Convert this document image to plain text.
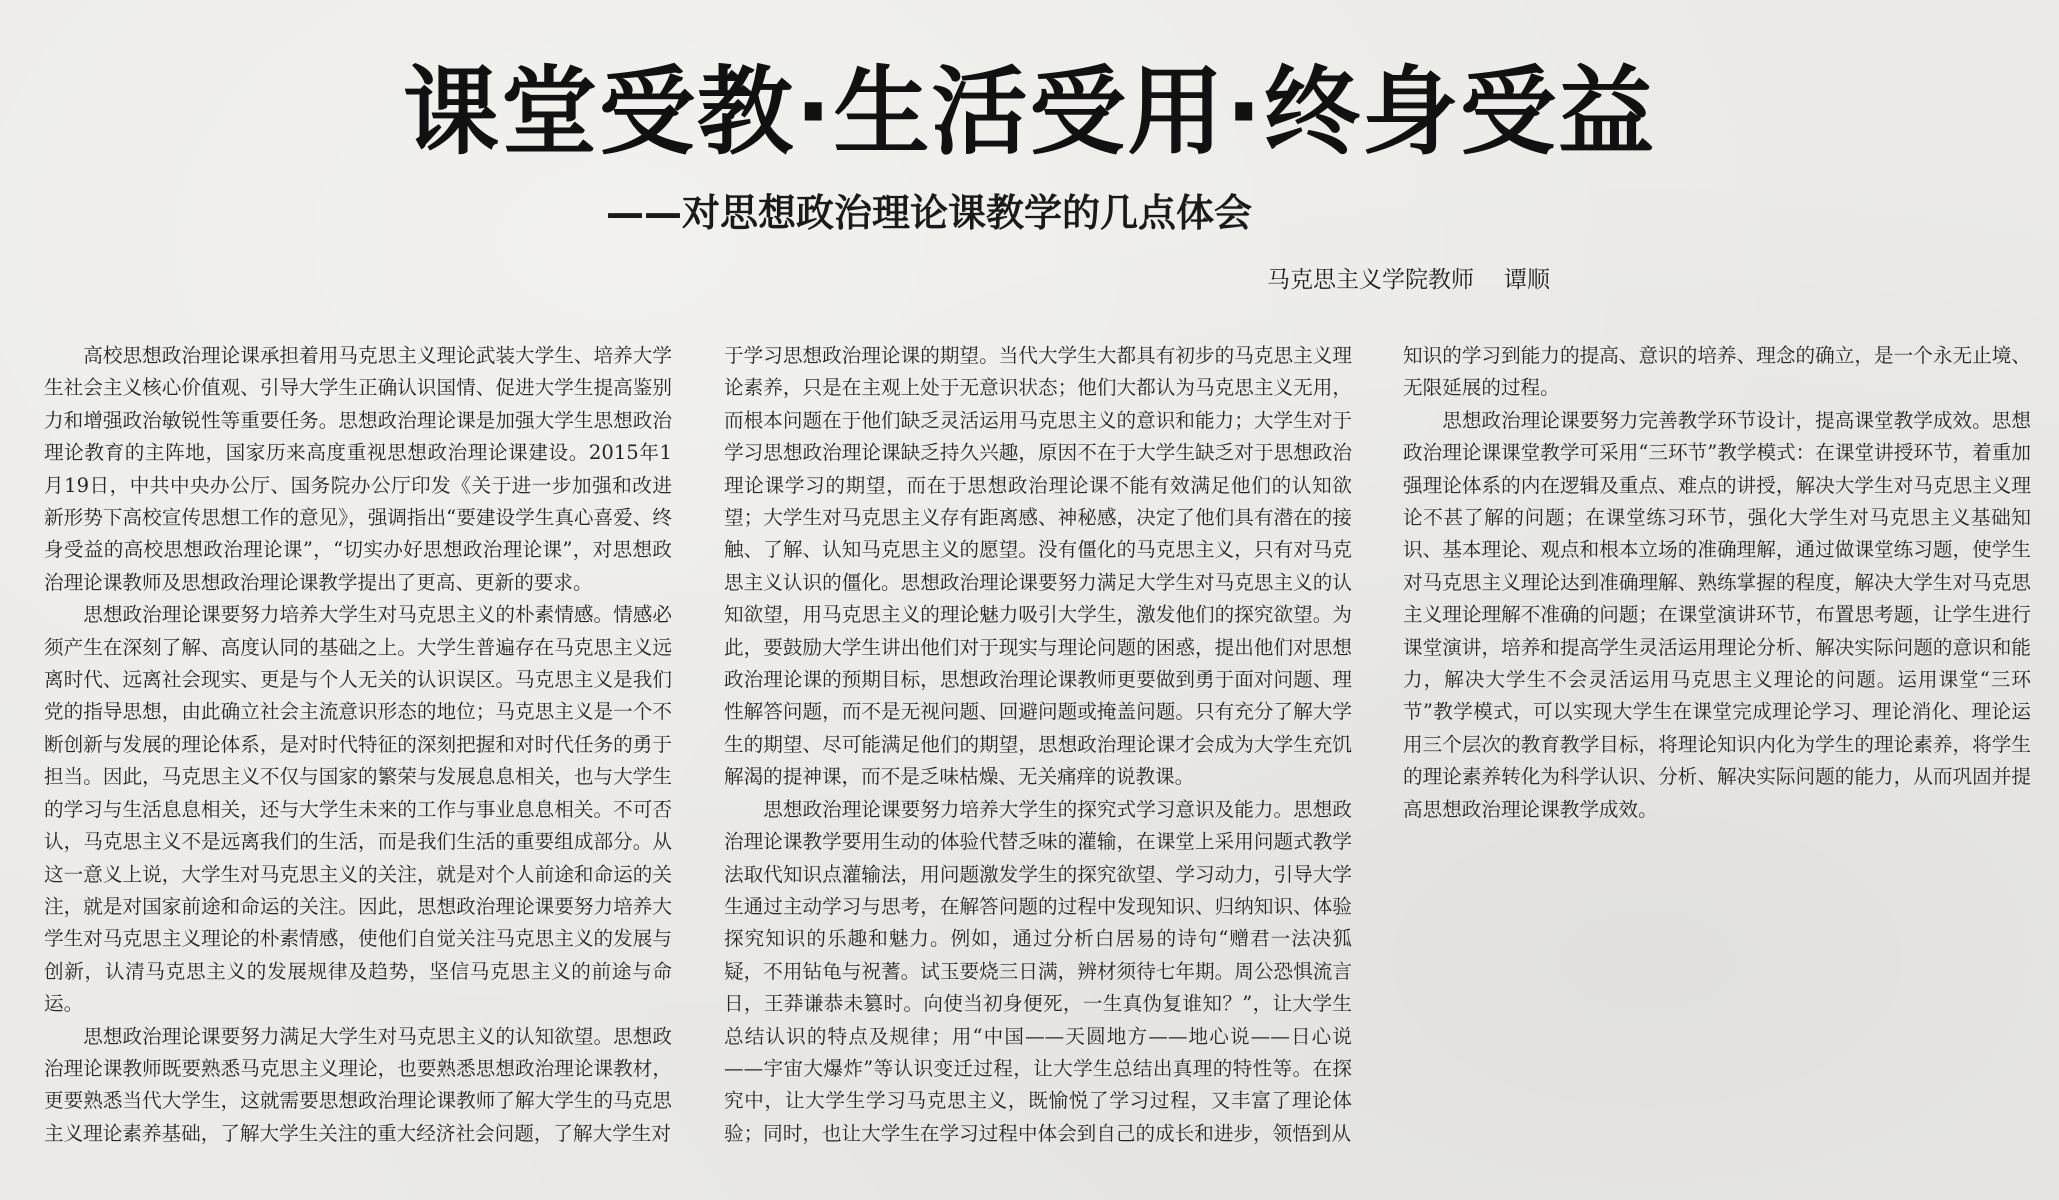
课堂受教·生活受用·终身受益
——对思想政治理论课教学的几点体会
马克思主义学院教师 谭顺

高校思想政治理论课承担着用马克思主义理论武装大学生、培养大学生社会主义核心价值观、引导大学生正确认识国情、促进大学生提高鉴别力和增强政治敏锐性等重要任务。思想政治理论课是加强大学生思想政治理论教育的主阵地，国家历来高度重视思想政治理论课建设。2015年1月19日，中共中央办公厅、国务院办公厅印发《关于进一步加强和改进新形势下高校宣传思想工作的意见》，强调指出“要建设学生真心喜爱、终身受益的高校思想政治理论课”，“切实办好思想政治理论课”，对思想政治理论课教师及思想政治理论课教学提出了更高、更新的要求。

思想政治理论课要努力培养大学生对马克思主义的朴素情感。情感必须产生在深刻了解、高度认同的基础之上。大学生普遍存在马克思主义远离时代、远离社会现实、更是与个人无关的认识误区。马克思主义是我们党的指导思想，由此确立社会主流意识形态的地位；马克思主义是一个不断创新与发展的理论体系，是对时代特征的深刻把握和对时代任务的勇于担当。因此，马克思主义不仅与国家的繁荣与发展息息相关，也与大学生的学习与生活息息相关，还与大学生未来的工作与事业息息相关。不可否认，马克思主义不是远离我们的生活，而是我们生活的重要组成部分。从这一意义上说，大学生对马克思主义的关注，就是对个人前途和命运的关注，就是对国家前途和命运的关注。因此，思想政治理论课要努力培养大学生对马克思主义理论的朴素情感，使他们自觉关注马克思主义的发展与创新，认清马克思主义的发展规律及趋势，坚信马克思主义的前途与命运。

思想政治理论课要努力满足大学生对马克思主义的认知欲望。思想政治理论课教师既要熟悉马克思主义理论，也要熟悉思想政治理论课教材，更要熟悉当代大学生，这就需要思想政治理论课教师了解大学生的马克思主义理论素养基础，了解大学生关注的重大经济社会问题，了解大学生对

于学习思想政治理论课的期望。当代大学生大都具有初步的马克思主义理论素养，只是在主观上处于无意识状态；他们大都认为马克思主义无用，而根本问题在于他们缺乏灵活运用马克思主义的意识和能力；大学生对于学习思想政治理论课缺乏持久兴趣，原因不在于大学生缺乏对于思想政治理论课学习的期望，而在于思想政治理论课不能有效满足他们的认知欲望；大学生对马克思主义存有距离感、神秘感，决定了他们具有潜在的接触、了解、认知马克思主义的愿望。没有僵化的马克思主义，只有对马克思主义认识的僵化。思想政治理论课要努力满足大学生对马克思主义的认知欲望，用马克思主义的理论魅力吸引大学生，激发他们的探究欲望。为此，要鼓励大学生讲出他们对于现实与理论问题的困惑，提出他们对思想政治理论课的预期目标，思想政治理论课教师更要做到勇于面对问题、理性解答问题，而不是无视问题、回避问题或掩盖问题。只有充分了解大学生的期望、尽可能满足他们的期望，思想政治理论课才会成为大学生充饥解渴的提神课，而不是乏味枯燥、无关痛痒的说教课。

思想政治理论课要努力培养大学生的探究式学习意识及能力。思想政治理论课教学要用生动的体验代替乏味的灌输，在课堂上采用问题式教学法取代知识点灌输法，用问题激发学生的探究欲望、学习动力，引导大学生通过主动学习与思考，在解答问题的过程中发现知识、归纳知识、体验探究知识的乐趣和魅力。例如，通过分析白居易的诗句“赠君一法决狐疑，不用钻龟与祝蓍。试玉要烧三日满，辨材须待七年期。周公恐惧流言日，王莽谦恭未篡时。向使当初身便死，一生真伪复谁知？”，让大学生总结认识的特点及规律；用“中国——天圆地方——地心说——日心说——宇宙大爆炸”等认识变迁过程，让大学生总结出真理的特性等。在探究中，让大学生学习马克思主义，既愉悦了学习过程，又丰富了理论体验；同时，也让大学生在学习过程中体会到自己的成长和进步，领悟到从

知识的学习到能力的提高、意识的培养、理念的确立，是一个永无止境、无限延展的过程。

思想政治理论课要努力完善教学环节设计，提高课堂教学成效。思想政治理论课课堂教学可采用“三环节”教学模式：在课堂讲授环节，着重加强理论体系的内在逻辑及重点、难点的讲授，解决大学生对马克思主义理论不甚了解的问题；在课堂练习环节，强化大学生对马克思主义基础知识、基本理论、观点和根本立场的准确理解，通过做课堂练习题，使学生对马克思主义理论达到准确理解、熟练掌握的程度，解决大学生对马克思主义理论理解不准确的问题；在课堂演讲环节，布置思考题，让学生进行课堂演讲，培养和提高学生灵活运用理论分析、解决实际问题的意识和能力，解决大学生不会灵活运用马克思主义理论的问题。运用课堂“三环节”教学模式，可以实现大学生在课堂完成理论学习、理论消化、理论运用三个层次的教育教学目标，将理论知识内化为学生的理论素养，将学生的理论素养转化为科学认识、分析、解决实际问题的能力，从而巩固并提高思想政治理论课教学成效。
